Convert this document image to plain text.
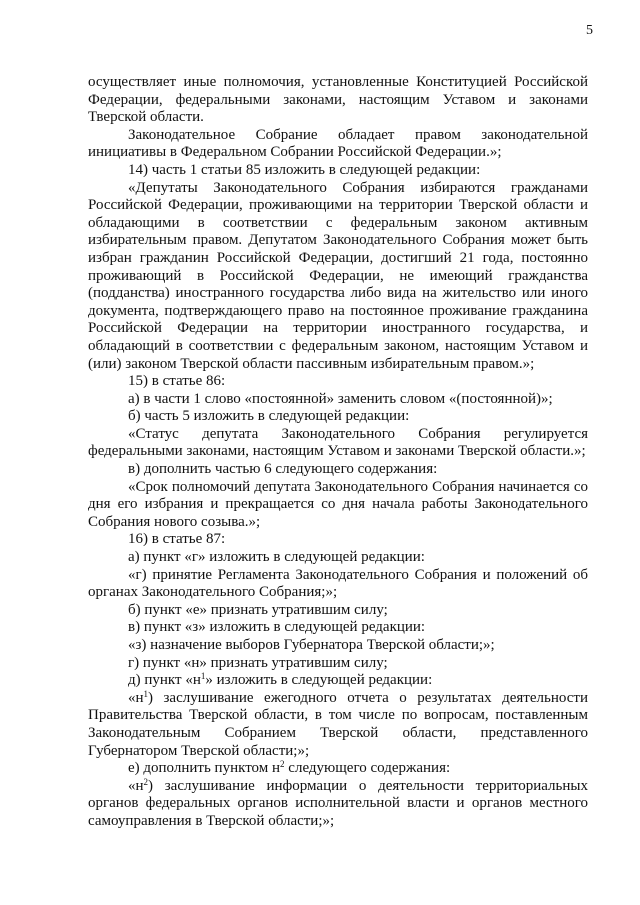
5

осуществляет иные полномочия, установленные Конституцией Российской Федерации, федеральными законами, настоящим Уставом и законами Тверской области.

Законодательное Собрание обладает правом законодательной инициативы в Федеральном Собрании Российской Федерации.»;

14) часть 1 статьи 85 изложить в следующей редакции:

«Депутаты Законодательного Собрания избираются гражданами Российской Федерации, проживающими на территории Тверской области и обладающими в соответствии с федеральным законом активным избирательным правом. Депутатом Законодательного Собрания может быть избран гражданин Российской Федерации, достигший 21 года, постоянно проживающий в Российской Федерации, не имеющий гражданства (подданства) иностранного государства либо вида на жительство или иного документа, подтверждающего право на постоянное проживание гражданина Российской Федерации на территории иностранного государства, и обладающий в соответствии с федеральным законом, настоящим Уставом и (или) законом Тверской области пассивным избирательным правом.»;

15) в статье 86:

а) в части 1 слово «постоянной» заменить словом «(постоянной)»;

б) часть 5 изложить в следующей редакции:

«Статус депутата Законодательного Собрания регулируется федеральными законами, настоящим Уставом и законами Тверской области.»;

в) дополнить частью 6 следующего содержания:

«Срок полномочий депутата Законодательного Собрания начинается со дня его избрания и прекращается со дня начала работы Законодательного Собрания нового созыва.»;

16) в статье 87:

а) пункт «г» изложить в следующей редакции:

«г) принятие Регламента Законодательного Собрания и положений об органах Законодательного Собрания;»;

б) пункт «е» признать утратившим силу;

в) пункт «з» изложить в следующей редакции:

«з) назначение выборов Губернатора Тверской области;»;

г) пункт «н» признать утратившим силу;

д) пункт «$н^1$» изложить в следующей редакции:

«$н^1$) заслушивание ежегодного отчета о результатах деятельности Правительства Тверской области, в том числе по вопросам, поставленным Законодательным Собранием Тверской области, представленного Губернатором Тверской области;»;

е) дополнить пунктом $н^2$ следующего содержания:

«$н^2$) заслушивание информации о деятельности территориальных органов федеральных органов исполнительной власти и органов местного самоуправления в Тверской области;»;
